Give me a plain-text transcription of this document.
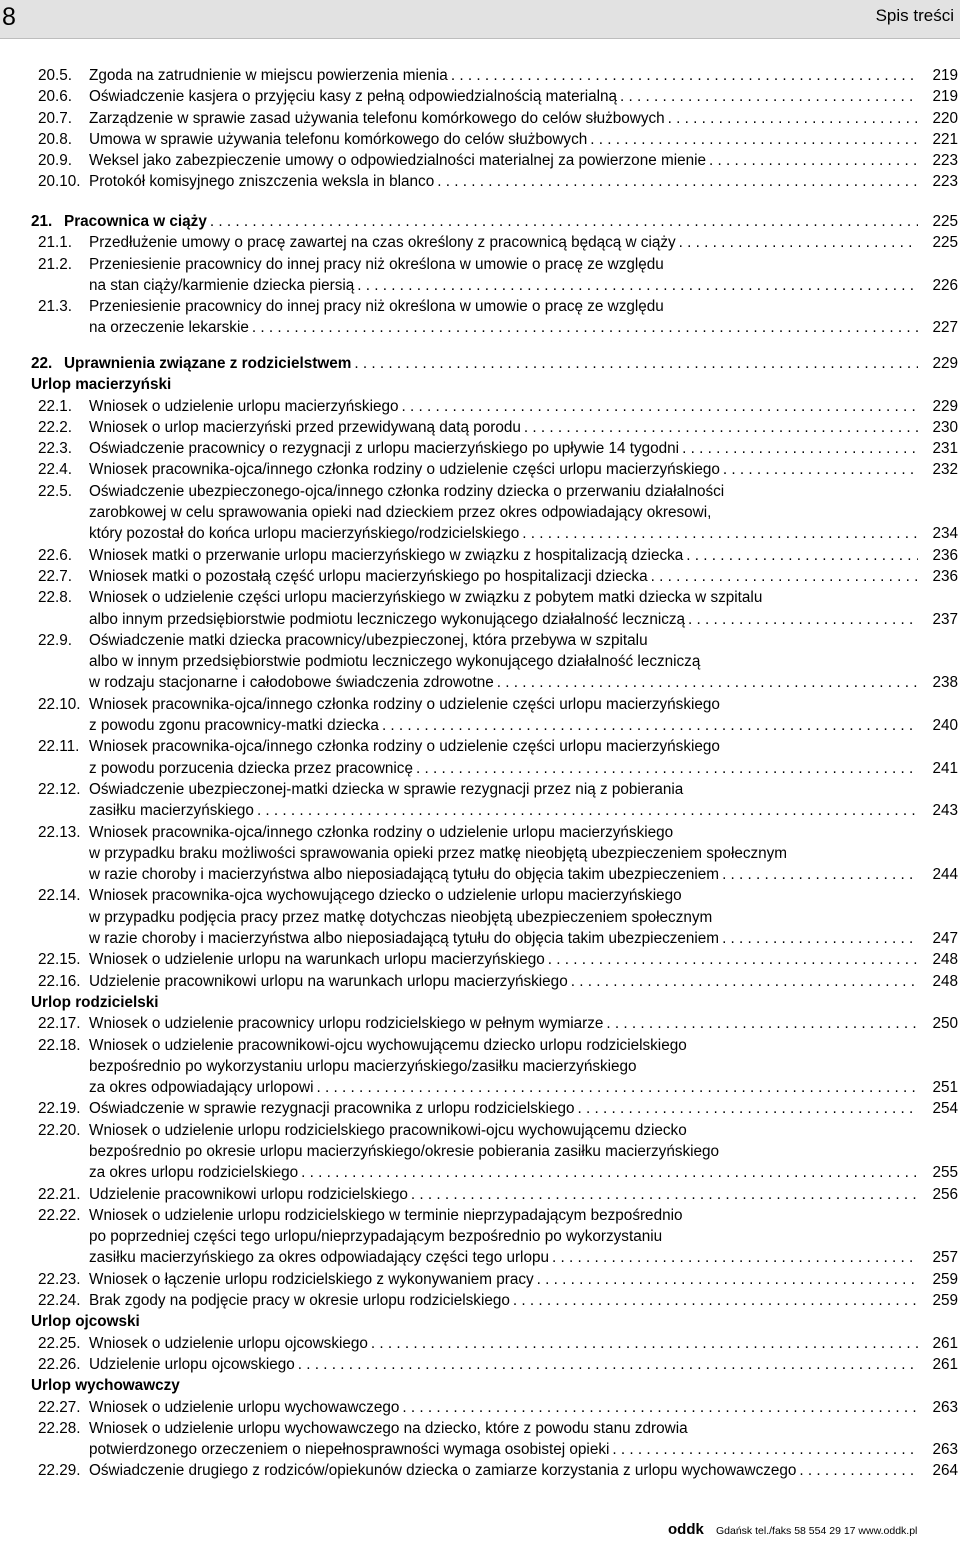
8	Spis treści
20.5. Zgoda na zatrudnienie w miejscu powierzenia mienia . . .	219
20.6. Oświadczenie kasjera o przyjęciu kasy z pełną odpowiedzialnością materialną . . .	219
20.7. Zarządzenie w sprawie zasad używania telefonu komórkowego do celów służbowych . . .	220
20.8. Umowa w sprawie używania telefonu komórkowego do celów służbowych . . .	221
20.9. Weksel jako zabezpieczenie umowy o odpowiedzialności materialnej za powierzone mienie . . .	223
20.10. Protokół komisyjnego zniszczenia weksla in blanco . . .	223
21. Pracownica w ciąży . . .	225
21.1. Przedłużenie umowy o pracę zawartej na czas określony z pracownicą będącą w ciąży . . .	225
21.2. Przeniesienie pracownicy do innej pracy niż określona w umowie o pracę ze względu
na stan ciąży/karmienie dziecka piersią . . .	226
21.3. Przeniesienie pracownicy do innej pracy niż określona w umowie o pracę ze względu
na orzeczenie lekarskie . . .	227
22. Uprawnienia związane z rodzicielstwem . . .	229
Urlop macierzyński
22.1. Wniosek o udzielenie urlopu macierzyńskiego . . .	229
22.2. Wniosek o urlop macierzyński przed przewidywaną datą porodu . . .	230
22.3. Oświadczenie pracownicy o rezygnacji z urlopu macierzyńskiego po upływie 14 tygodni . . .	231
22.4. Wniosek pracownika-ojca/innego członka rodziny o udzielenie części urlopu macierzyńskiego . . .	232
22.5. Oświadczenie ubezpieczonego-ojca/innego członka rodziny dziecka o przerwaniu działalności
zarobkowej w celu sprawowania opieki nad dzieckiem przez okres odpowiadający okresowi,
który pozostał do końca urlopu macierzyńskiego/rodzicielskiego . . .	234
22.6. Wniosek matki o przerwanie urlopu macierzyńskiego w związku z hospitalizacją dziecka . . .	236
22.7. Wniosek matki o pozostałą część urlopu macierzyńskiego po hospitalizacji dziecka . . .	236
22.8. Wniosek o udzielenie części urlopu macierzyńskiego w związku z pobytem matki dziecka w szpitalu
albo innym przedsiębiorstwie podmiotu leczniczego wykonującego działalność leczniczą . . .	237
22.9. Oświadczenie matki dziecka pracownicy/ubezpieczonej, która przebywa w szpitalu
albo w innym przedsiębiorstwie podmiotu leczniczego wykonującego działalność leczniczą
w rodzaju stacjonarne i całodobowe świadczenia zdrowotne . . .	238
22.10. Wniosek pracownika-ojca/innego członka rodziny o udzielenie części urlopu macierzyńskiego
z powodu zgonu pracownicy-matki dziecka . . .	240
22.11. Wniosek pracownika-ojca/innego członka rodziny o udzielenie części urlopu macierzyńskiego
z powodu porzucenia dziecka przez pracownicę . . .	241
22.12. Oświadczenie ubezpieczonej-matki dziecka w sprawie rezygnacji przez nią z pobierania
zasiłku macierzyńskiego . . .	243
22.13. Wniosek pracownika-ojca/innego członka rodziny o udzielenie urlopu macierzyńskiego
w przypadku braku możliwości sprawowania opieki przez matkę nieobjętą ubezpieczeniem społecznym
w razie choroby i macierzyństwa albo nieposiadającą tytułu do objęcia takim ubezpieczeniem . . .	244
22.14. Wniosek pracownika-ojca wychowującego dziecko o udzielenie urlopu macierzyńskiego
w przypadku podjęcia pracy przez matkę dotychczas nieobjętą ubezpieczeniem społecznym
w razie choroby i macierzyństwa albo nieposiadającą tytułu do objęcia takim ubezpieczeniem . . .	247
22.15. Wniosek o udzielenie urlopu na warunkach urlopu macierzyńskiego . . .	248
22.16. Udzielenie pracownikowi urlopu na warunkach urlopu macierzyńskiego . . .	248
Urlop rodzicielski
22.17. Wniosek o udzielenie pracownicy urlopu rodzicielskiego w pełnym wymiarze . . .	250
22.18. Wniosek o udzielenie pracownikowi-ojcu wychowującemu dziecko urlopu rodzicielskiego
bezpośrednio po wykorzystaniu urlopu macierzyńskiego/zasiłku macierzyńskiego
za okres odpowiadający urlopowi . . .	251
22.19. Oświadczenie w sprawie rezygnacji pracownika z urlopu rodzicielskiego . . .	254
22.20. Wniosek o udzielenie urlopu rodzicielskiego pracownikowi-ojcu wychowującemu dziecko
bezpośrednio po okresie urlopu macierzyńskiego/okresie pobierania zasiłku macierzyńskiego
za okres urlopu rodzicielskiego . . .	255
22.21. Udzielenie pracownikowi urlopu rodzicielskiego . . .	256
22.22. Wniosek o udzielenie urlopu rodzicielskiego w terminie nieprzypadającym bezpośrednio
po poprzedniej części tego urlopu/nieprzypadającym bezpośrednio po wykorzystaniu
zasiłku macierzyńskiego za okres odpowiadający części tego urlopu . . .	257
22.23. Wniosek o łączenie urlopu rodzicielskiego z wykonywaniem pracy . . .	259
22.24. Brak zgody na podjęcie pracy w okresie urlopu rodzicielskiego . . .	259
Urlop ojcowski
22.25. Wniosek o udzielenie urlopu ojcowskiego . . .	261
22.26. Udzielenie urlopu ojcowskiego . . .	261
Urlop wychowawczy
22.27. Wniosek o udzielenie urlopu wychowawczego . . .	263
22.28. Wniosek o udzielenie urlopu wychowawczego na dziecko, które z powodu stanu zdrowia
potwierdzonego orzeczeniem o niepełnosprawności wymaga osobistej opieki . . .	263
22.29. Oświadczenie drugiego z rodziców/opiekunów dziecka o zamiarze korzystania z urlopu wychowawczego . . .	264
oddk Gdańsk tel./faks 58 554 29 17 www.oddk.pl
